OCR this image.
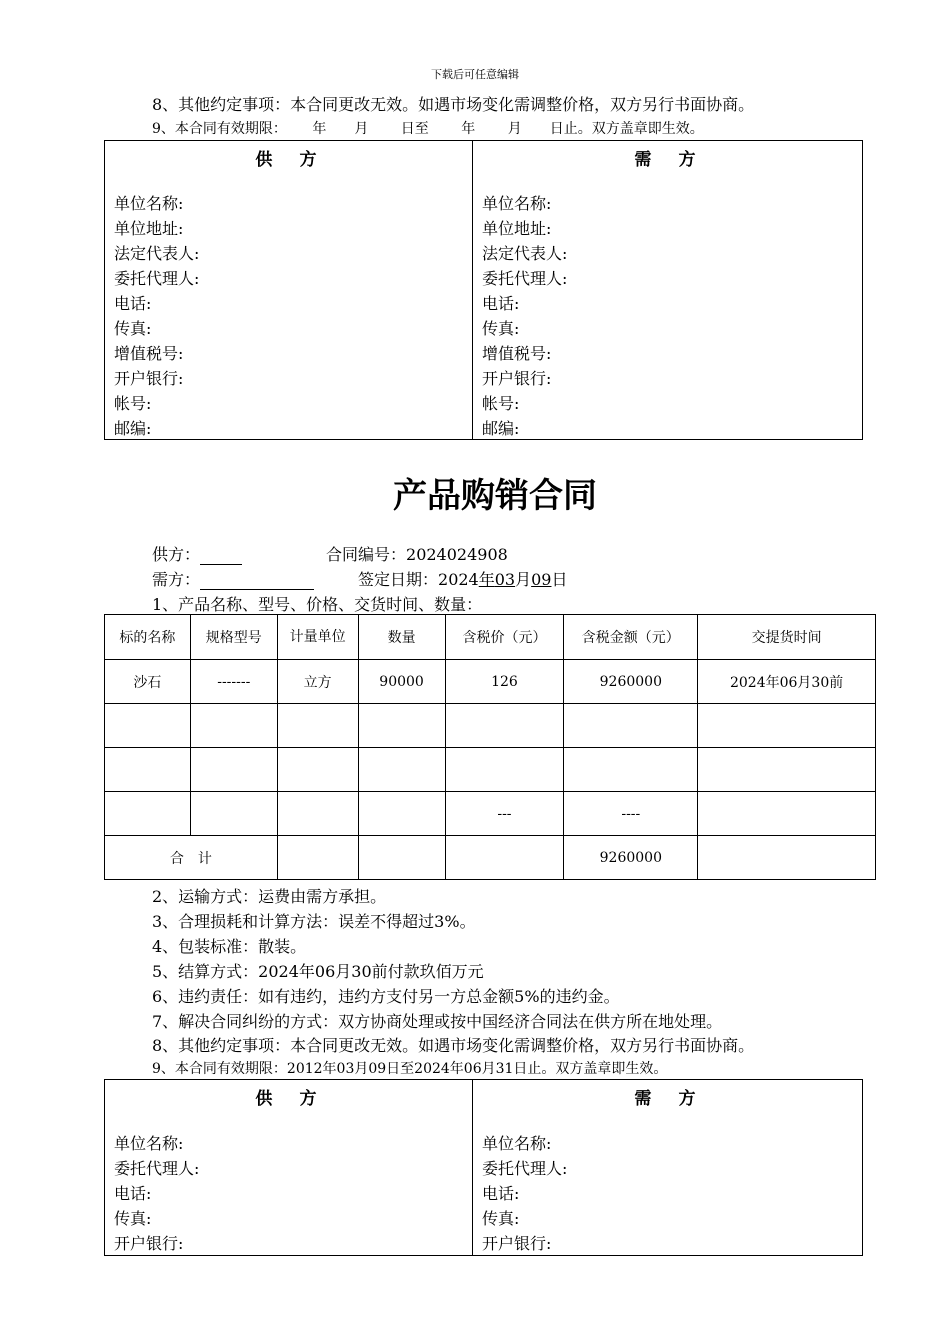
下载后可任意编辑
8、其他约定事项：本合同更改无效。如遇市场变化需调整价格，双方另行书面协商。
9、本合同有效期限：　　 年　　月　　 日至　　 年　　 月　　日止。双方盖章即生效。
供　方
单位名称:
单位地址:
法定代表人:
委托代理人:
电话:
传真:
增值税号:
开户银行:
帐号:
邮编:
需　方
单位名称:
单位地址:
法定代表人:
委托代理人:
电话:
传真:
增值税号:
开户银行:
帐号:
邮编:
产品购销合同
供方：	合同编号：2024024908
需方：	签定日期：2024年03月09日
1、产品名称、型号、价格、交货时间、数量：
标的名称	规格型号	计量单位	数量	含税价（元）	含税金额（元）	交提货时间
沙石	-------	立方	90000	126	9260000	2024年06月30前

				---	----	
合　计					9260000	
2、运输方式：运费由需方承担。
3、合理损耗和计算方法：误差不得超过3%。
4、包装标准：散装。
5、结算方式：2024年06月30前付款玖佰万元
6、违约责任：如有违约，违约方支付另一方总金额5%的违约金。
7、解决合同纠纷的方式：双方协商处理或按中国经济合同法在供方所在地处理。
8、其他约定事项：本合同更改无效。如遇市场变化需调整价格，双方另行书面协商。
9、本合同有效期限：2012年03月09日至2024年06月31日止。双方盖章即生效。
供　方
单位名称:
委托代理人:
电话:
传真:
开户银行:
需　方
单位名称:
委托代理人:
电话:
传真:
开户银行:
